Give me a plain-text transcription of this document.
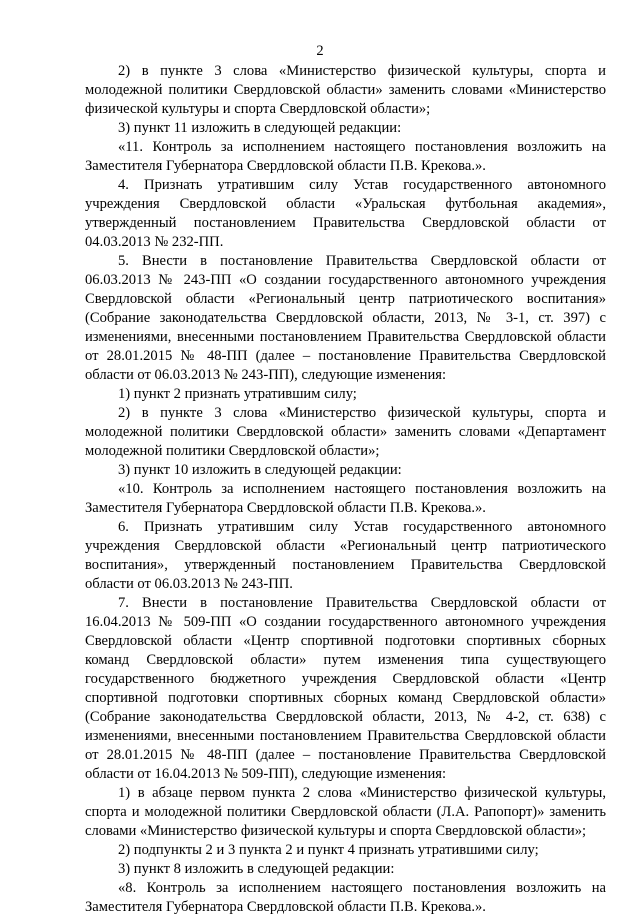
2

2) в пункте 3 слова «Министерство физической культуры, спорта и молодежной политики Свердловской области» заменить словами «Министерство физической культуры и спорта Свердловской области»;

3) пункт 11 изложить в следующей редакции:

«11. Контроль за исполнением настоящего постановления возложить на Заместителя Губернатора Свердловской области П.В. Крекова.».

4. Признать утратившим силу Устав государственного автономного учреждения Свердловской области «Уральская футбольная академия», утвержденный постановлением Правительства Свердловской области от 04.03.2013 № 232-ПП.

5. Внести в постановление Правительства Свердловской области от 06.03.2013 № 243-ПП «О создании государственного автономного учреждения Свердловской области «Региональный центр патриотического воспитания» (Собрание законодательства Свердловской области, 2013, № 3-1, ст. 397) с изменениями, внесенными постановлением Правительства Свердловской области от 28.01.2015 № 48-ПП (далее – постановление Правительства Свердловской области от 06.03.2013 № 243-ПП), следующие изменения:

1) пункт 2 признать утратившим силу;

2) в пункте 3 слова «Министерство физической культуры, спорта и молодежной политики Свердловской области» заменить словами «Департамент молодежной политики Свердловской области»;

3) пункт 10 изложить в следующей редакции:

«10. Контроль за исполнением настоящего постановления возложить на Заместителя Губернатора Свердловской области П.В. Крекова.».

6. Признать утратившим силу Устав государственного автономного учреждения Свердловской области «Региональный центр патриотического воспитания», утвержденный постановлением Правительства Свердловской области от 06.03.2013 № 243-ПП.

7. Внести в постановление Правительства Свердловской области от 16.04.2013 № 509-ПП «О создании государственного автономного учреждения Свердловской области «Центр спортивной подготовки спортивных сборных команд Свердловской области» путем изменения типа существующего государственного бюджетного учреждения Свердловской области «Центр спортивной подготовки спортивных сборных команд Свердловской области» (Собрание законодательства Свердловской области, 2013, № 4-2, ст. 638) с изменениями, внесенными постановлением Правительства Свердловской области от 28.01.2015 № 48-ПП (далее – постановление Правительства Свердловской области от 16.04.2013 № 509-ПП), следующие изменения:

1) в абзаце первом пункта 2 слова «Министерство физической культуры, спорта и молодежной политики Свердловской области (Л.А. Рапопорт)» заменить словами «Министерство физической культуры и спорта Свердловской области»;

2) подпункты 2 и 3 пункта 2 и пункт 4 признать утратившими силу;

3) пункт 8 изложить в следующей редакции:

«8. Контроль за исполнением настоящего постановления возложить на Заместителя Губернатора Свердловской области П.В. Крекова.».
